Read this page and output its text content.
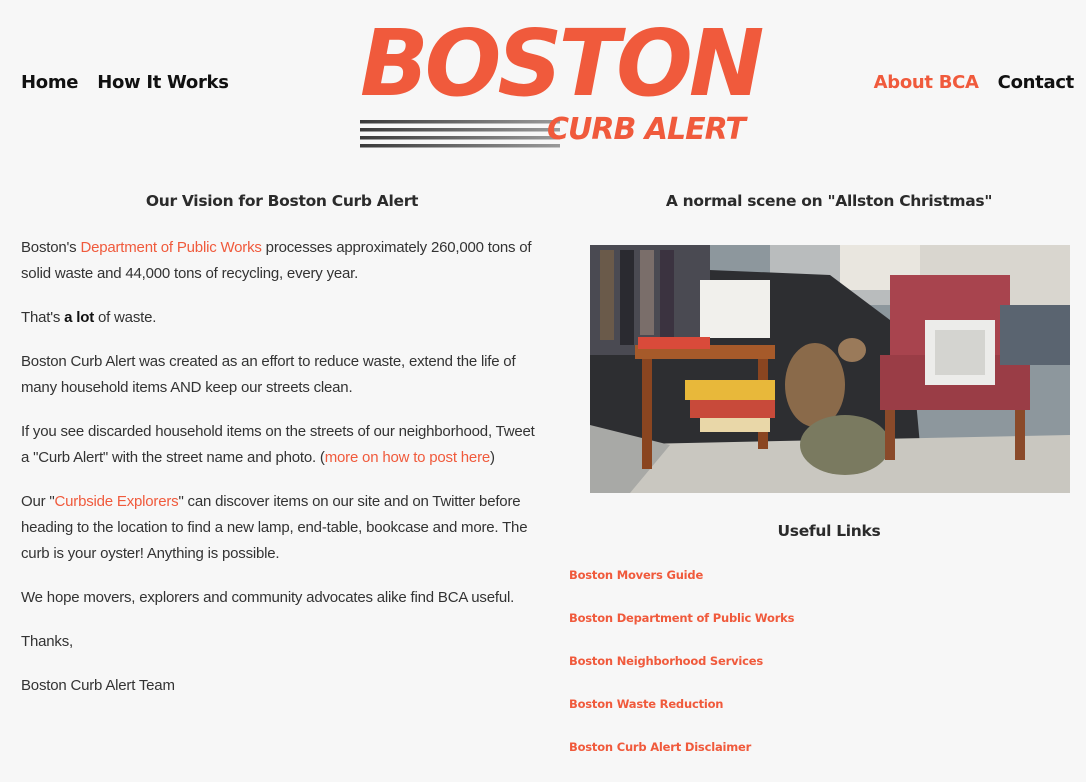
Home How It Works	About BCA Contact
BOSTON
CURB ALERT
Our Vision for Boston Curb Alert

Boston's Department of Public Works processes approximately 260,000 tons of solid waste and 44,000 tons of recycling, every year.

That's a lot of waste.

Boston Curb Alert was created as an effort to reduce waste, extend the life of many household items AND keep our streets clean.

If you see discarded household items on the streets of our neighborhood, Tweet a "Curb Alert" with the street name and photo. (more on how to post here)

Our "Curbside Explorers" can discover items on our site and on Twitter before heading to the location to find a new lamp, end-table, bookcase and more. The curb is your oyster! Anything is possible.

We hope movers, explorers and community advocates alike find BCA useful.

Thanks,

Boston Curb Alert Team

A normal scene on "Allston Christmas"
Useful Links
Boston Movers Guide
Boston Department of Public Works
Boston Neighborhood Services
Boston Waste Reduction
Boston Curb Alert Disclaimer
